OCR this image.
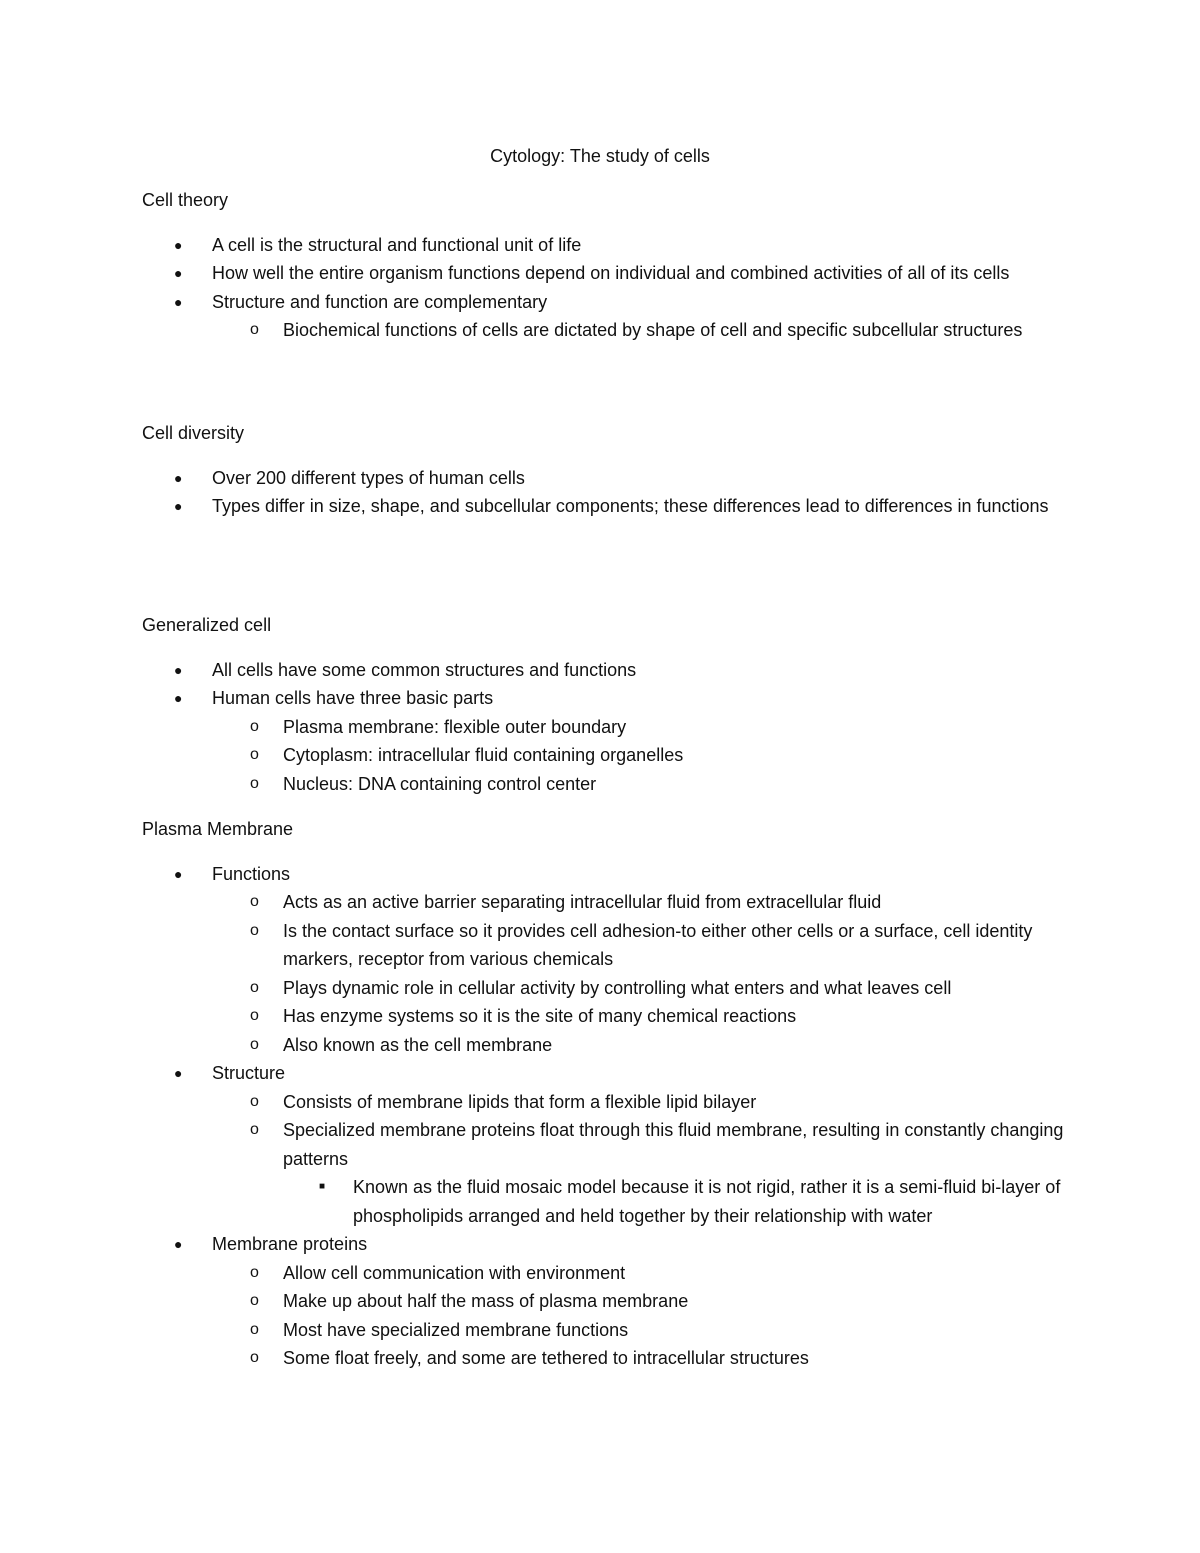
Cytology: The study of cells

Cell theory

● A cell is the structural and functional unit of life
● How well the entire organism functions depend on individual and combined activities of all of its cells
● Structure and function are complementary
o Biochemical functions of cells are dictated by shape of cell and specific subcellular structures

Cell diversity

● Over 200 different types of human cells
● Types differ in size, shape, and subcellular components; these differences lead to differences in functions

Generalized cell

● All cells have some common structures and functions
● Human cells have three basic parts
o Plasma membrane: flexible outer boundary
o Cytoplasm: intracellular fluid containing organelles
o Nucleus: DNA containing control center

Plasma Membrane

● Functions
o Acts as an active barrier separating intracellular fluid from extracellular fluid
o Is the contact surface so it provides cell adhesion-to either other cells or a surface, cell identity markers, receptor from various chemicals
o Plays dynamic role in cellular activity by controlling what enters and what leaves cell
o Has enzyme systems so it is the site of many chemical reactions
o Also known as the cell membrane
● Structure
o Consists of membrane lipids that form a flexible lipid bilayer
o Specialized membrane proteins float through this fluid membrane, resulting in constantly changing patterns
■ Known as the fluid mosaic model because it is not rigid, rather it is a semi-fluid bi-layer of phospholipids arranged and held together by their relationship with water
● Membrane proteins
o Allow cell communication with environment
o Make up about half the mass of plasma membrane
o Most have specialized membrane functions
o Some float freely, and some are tethered to intracellular structures
